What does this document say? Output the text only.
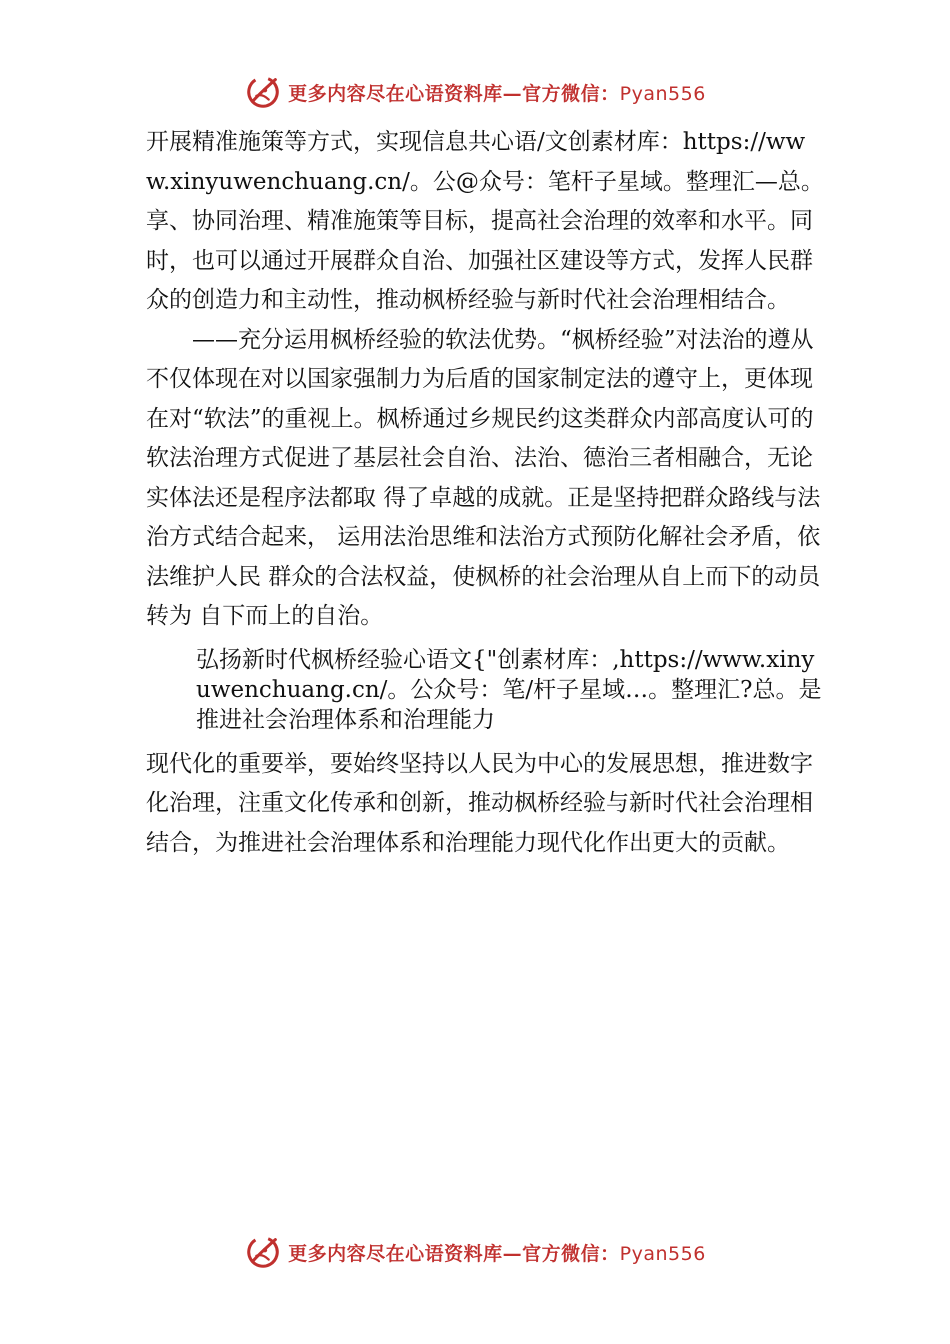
更多内容尽在心语资料库—官方微信：Pyan556

开展精准施策等方式，实现信息共心语/文创素材库：https://www.xinyuwenchuang.cn/。公@众号：笔杆子星域。整理汇—总。享、协同治理、精准施策等目标，提高社会治理的效率和水平。同时，也可以通过开展群众自治、加强社区建设等方式，发挥人民群众的创造力和主动性，推动枫桥经验与新时代社会治理相结合。

——充分运用枫桥经验的软法优势。“枫桥经验”对法治的遵从不仅体现在对以国家强制力为后盾的国家制定法的遵守上，更体现在对“软法”的重视上。枫桥通过乡规民约这类群众内部高度认可的软法治理方式促进了基层社会自治、法治、德治三者相融合，无论实体法还是程序法都取 得了卓越的成就。正是坚持把群众路线与法治方式结合起来， 运用法治思维和法治方式预防化解社会矛盾，依法维护人民 群众的合法权益，使枫桥的社会治理从自上而下的动员转为 自下而上的自治。

弘扬新时代枫桥经验心语文{"创素材库：,https://www.xinyuwenchuang.cn/。公众号：笔/杆子星域…。整理汇?总。是推进社会治理体系和治理能力

现代化的重要举，要始终坚持以人民为中心的发展思想，推进数字化治理，注重文化传承和创新，推动枫桥经验与新时代社会治理相结合，为推进社会治理体系和治理能力现代化作出更大的贡献。

更多内容尽在心语资料库—官方微信：Pyan556
